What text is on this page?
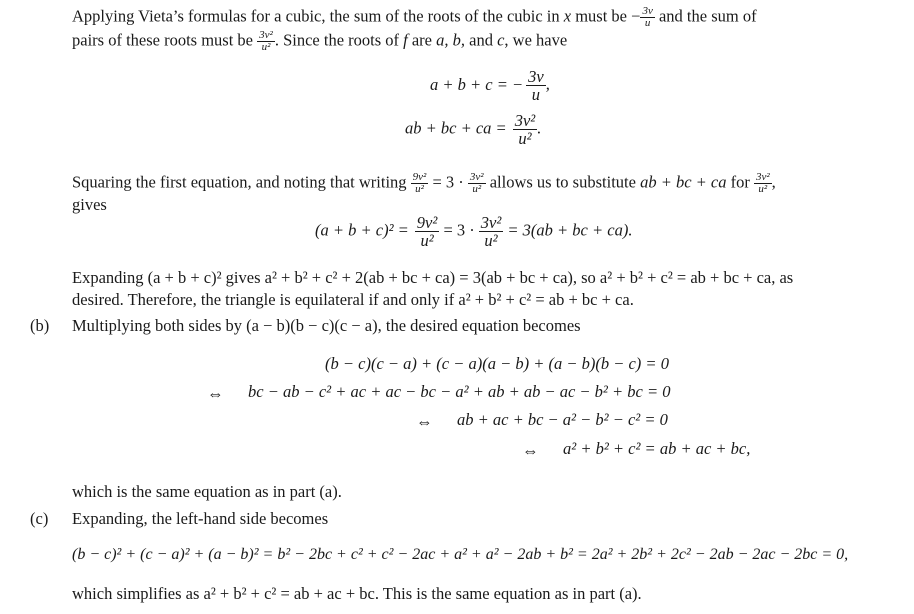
Applying Vieta’s formulas for a cubic, the sum of the roots of the cubic in x must be − $\frac{3v}{u}$ and the sum of
pairs of these roots must be $\frac{\text{3v²}}{\text{u²}}$ . Since the roots of f are a, b, and c, we have
a + b + c = − $\frac{3v}{u}$ ,
ab + bc + ca = $\frac{\text{3v²}}{\text{u²}}$ .
Squaring the first equation, and noting that writing $\frac{\text{9v²}}{\text{u²}} = 3 \cdot \frac{\text{3v²}}{\text{u²}}$ allows us to substitute ab + bc + ca for $\frac{\text{3v²}}{\text{u²}}$ ,
gives
$(a + b + c)^2 = \frac{\text{9v²}}{\text{u²}} = 3 \cdot \frac{\text{3v²}}{\text{u²}} = 3(ab$ + bc + ca).
Expanding (a + b + c)² gives a² + b² + c² + 2(ab + bc + ca) = 3(ab + bc + ca), so a² + b² + c² = ab + bc + ca, as
desired. Therefore, the triangle is equilateral if and only if a² + b² + c² = ab + bc + ca.
(b) Multiplying both sides by (a − b)(b − c)(c − a), the desired equation becomes
(b − c)(c − a) + (c − a)(a − b) + (a − b)(b − c) = 0
⇔ bc − ab − c² + ac + ac − bc − a² + ab + ab − ac − b² + bc = 0
⇔ ab + ac + bc − a² − b² − c² = 0
⇔ a² + b² + c² = ab + ac + bc,
which is the same equation as in part (a).
(c) Expanding, the left-hand side becomes
(b − c)² + (c − a)² + (a − b)² = b² − 2bc + c² + c² − 2ac + a² + a² − 2ab + b² = 2a² + 2b² + 2c² − 2ab − 2ac − 2bc = 0,
which simplifies as a² + b² + c² = ab + ac + bc. This is the same equation as in part (a).
